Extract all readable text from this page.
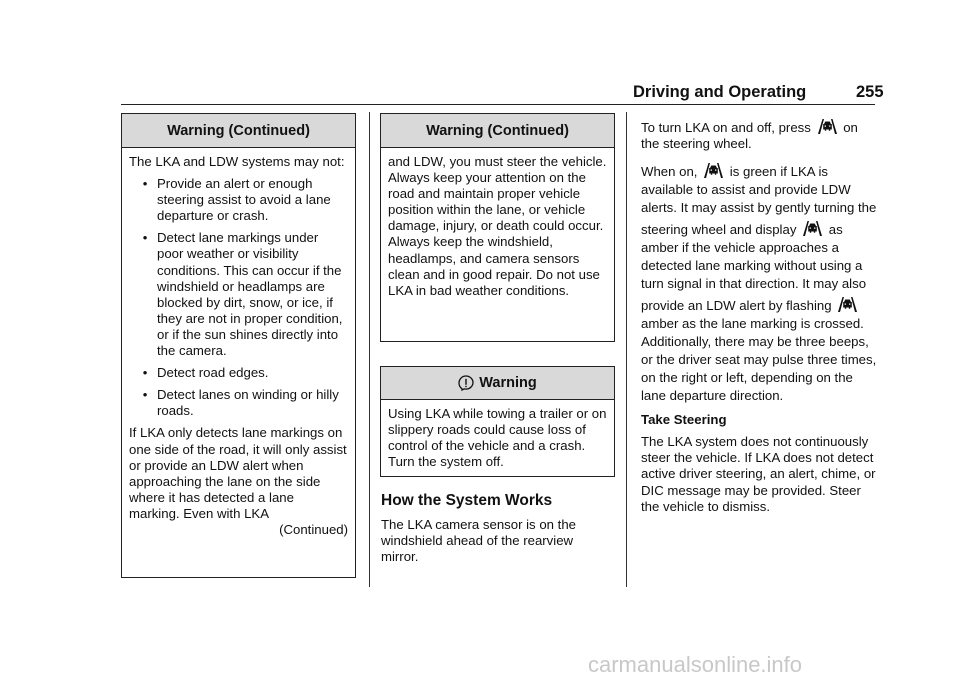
Driving and Operating	255
Warning (Continued)

The LKA and LDW systems may not:

• Provide an alert or enough steering assist to avoid a lane departure or crash.
• Detect lane markings under poor weather or visibility conditions. This can occur if the windshield or headlamps are blocked by dirt, snow, or ice, if they are not in proper condition, or if the sun shines directly into the camera.
• Detect road edges.
• Detect lanes on winding or hilly roads.

If LKA only detects lane markings on one side of the road, it will only assist or provide an LDW alert when approaching the lane on the side where it has detected a lane marking. Even with LKA

(Continued)
Warning (Continued)

and LDW, you must steer the vehicle. Always keep your attention on the road and maintain proper vehicle position within the lane, or vehicle damage, injury, or death could occur. Always keep the windshield, headlamps, and camera sensors clean and in good repair. Do not use LKA in bad weather conditions.

Warning

Using LKA while towing a trailer or on slippery roads could cause loss of control of the vehicle and a crash. Turn the system off.

How the System Works

The LKA camera sensor is on the windshield ahead of the rearview mirror.

To turn LKA on and off, press on the steering wheel.

When on, is green if LKA is available to assist and provide LDW alerts. It may assist by gently turning the steering wheel and display as amber if the vehicle approaches a detected lane marking without using a turn signal in that direction. It may also provide an LDW alert by flashing  amber as the lane marking is crossed. Additionally, there may be three beeps, or the driver seat may pulse three times, on the right or left, depending on the lane departure direction.

Take Steering

The LKA system does not continuously steer the vehicle. If LKA does not detect active driver steering, an alert, chime, or DIC message may be provided. Steer the vehicle to dismiss.

carmanualsonline.info
